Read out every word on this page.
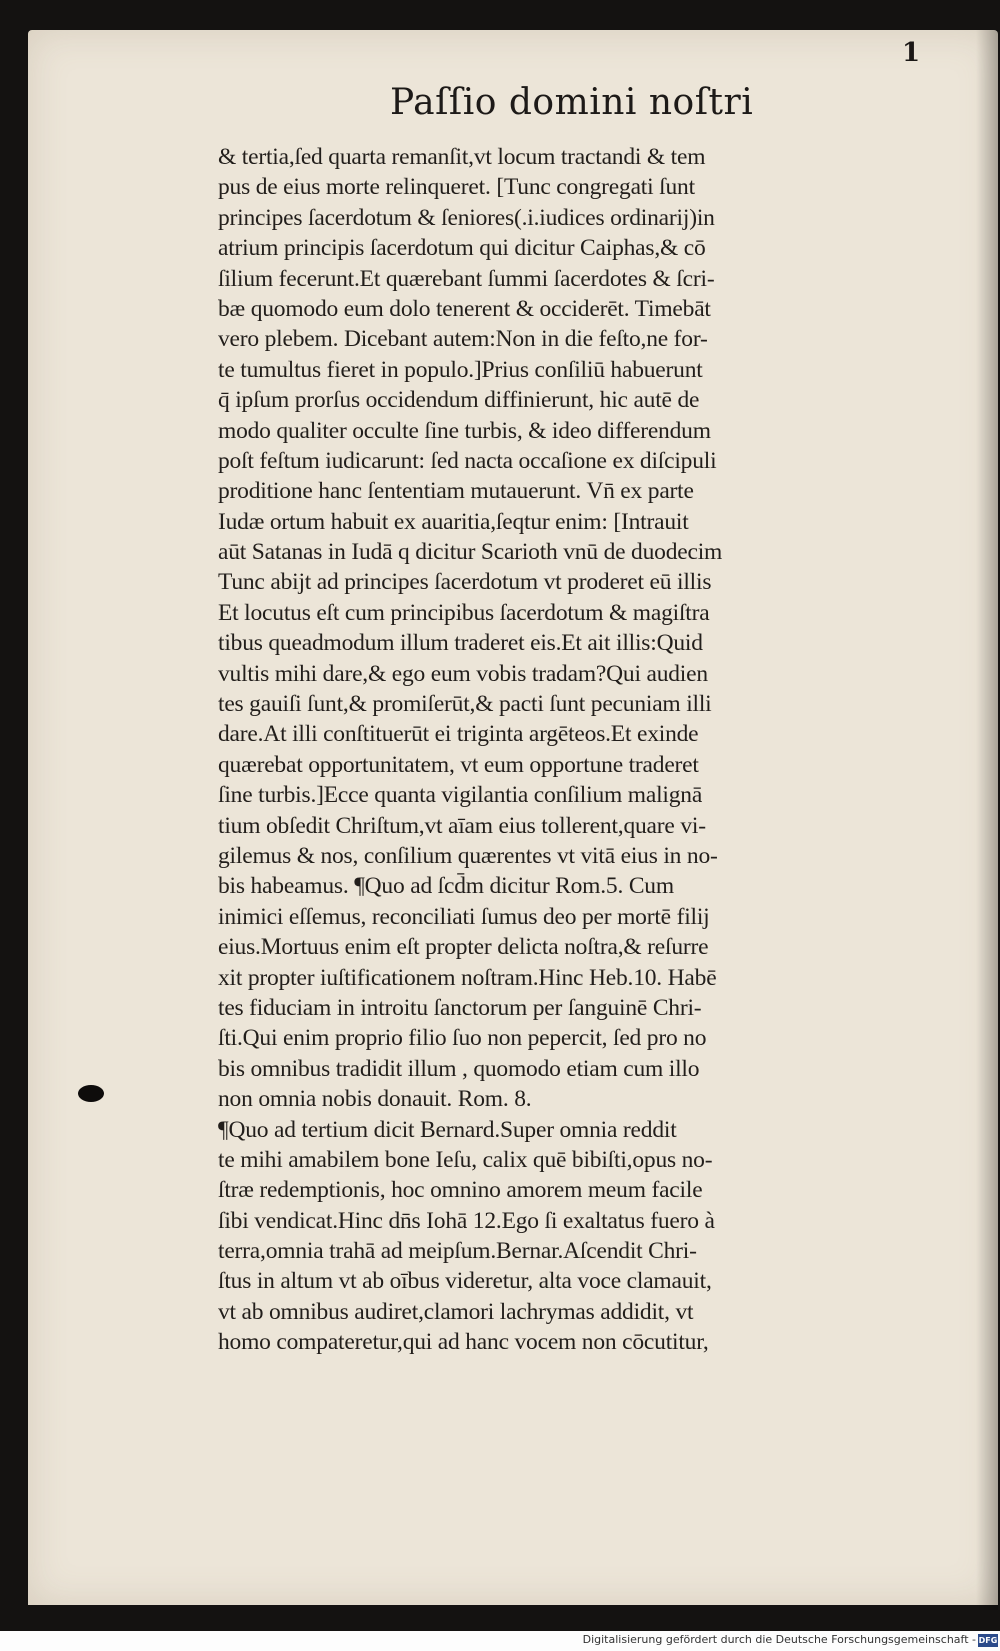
1
Paſſio domini noſtri
& tertia,ſed quarta remanſit,vt locum tractandi & tem
pus de eius morte relinqueret. [Tunc congregati ſunt
principes ſacerdotum & ſeniores(.i.iudices ordinarij)in
atrium principis ſacerdotum qui dicitur Caiphas,& cō
ſilium fecerunt.Et quærebant ſummi ſacerdotes & ſcri-
bæ quomodo eum dolo tenerent & occiderēt. Timebāt
vero plebem. Dicebant autem:Non in die feſto,ne for-
te tumultus fieret in populo.]Prius conſiliū habuerunt
q̄ ipſum prorſus occidendum diffinierunt, hic autē de
modo qualiter occulte ſine turbis, & ideo differendum
poſt feſtum iudicarunt: ſed nacta occaſione ex diſcipuli
proditione hanc ſententiam mutauerunt. Vn̄ ex parte
Iudæ ortum habuit ex auaritia,ſeqtur enim: [Intrauit
aūt Satanas in Iudā q dicitur Scarioth vnū de duodecim
Tunc abijt ad principes ſacerdotum vt proderet eū illis
Et locutus eſt cum principibus ſacerdotum & magiſtra
tibus queadmodum illum traderet eis.Et ait illis:Quid
vultis mihi dare,& ego eum vobis tradam?Qui audien
tes gauiſi ſunt,& promiſerūt,& pacti ſunt pecuniam illi
dare.At illi conſtituerūt ei triginta argēteos.Et exinde
quærebat opportunitatem, vt eum opportune traderet
ſine turbis.]Ecce quanta vigilantia conſilium malignā
tium obſedit Chriſtum,vt aīam eius tollerent,quare vi-
gilemus & nos, conſilium quærentes vt vitā eius in no-
bis habeamus. ¶Quo ad ſcd̄m dicitur Rom.5. Cum
inimici eſſemus, reconciliati ſumus deo per mortē filij
eius.Mortuus enim eſt propter delicta noſtra,& reſurre
xit propter iuſtificationem noſtram.Hinc Heb.10. Habē
tes fiduciam in introitu ſanctorum per ſanguinē Chri-
ſti.Qui enim proprio filio ſuo non pepercit, ſed pro no
bis omnibus tradidit illum , quomodo etiam cum illo
non omnia nobis donauit. Rom. 8.
¶Quo ad tertium dicit Bernard.Super omnia reddit
te mihi amabilem bone Ieſu, calix quē bibiſti,opus no-
ſtræ redemptionis, hoc omnino amorem meum facile
ſibi vendicat.Hinc dn̄s Iohā 12.Ego ſi exaltatus fuero à
terra,omnia trahā ad meipſum.Bernar.Aſcendit Chri-
ſtus in altum vt ab oībus videretur, alta voce clamauit,
vt ab omnibus audiret,clamori lachrymas addidit, vt
homo compateretur,qui ad hanc vocem non cōcutitur,
Digitalisierung gefördert durch die Deutsche Forschungsgemeinschaft - DFG
